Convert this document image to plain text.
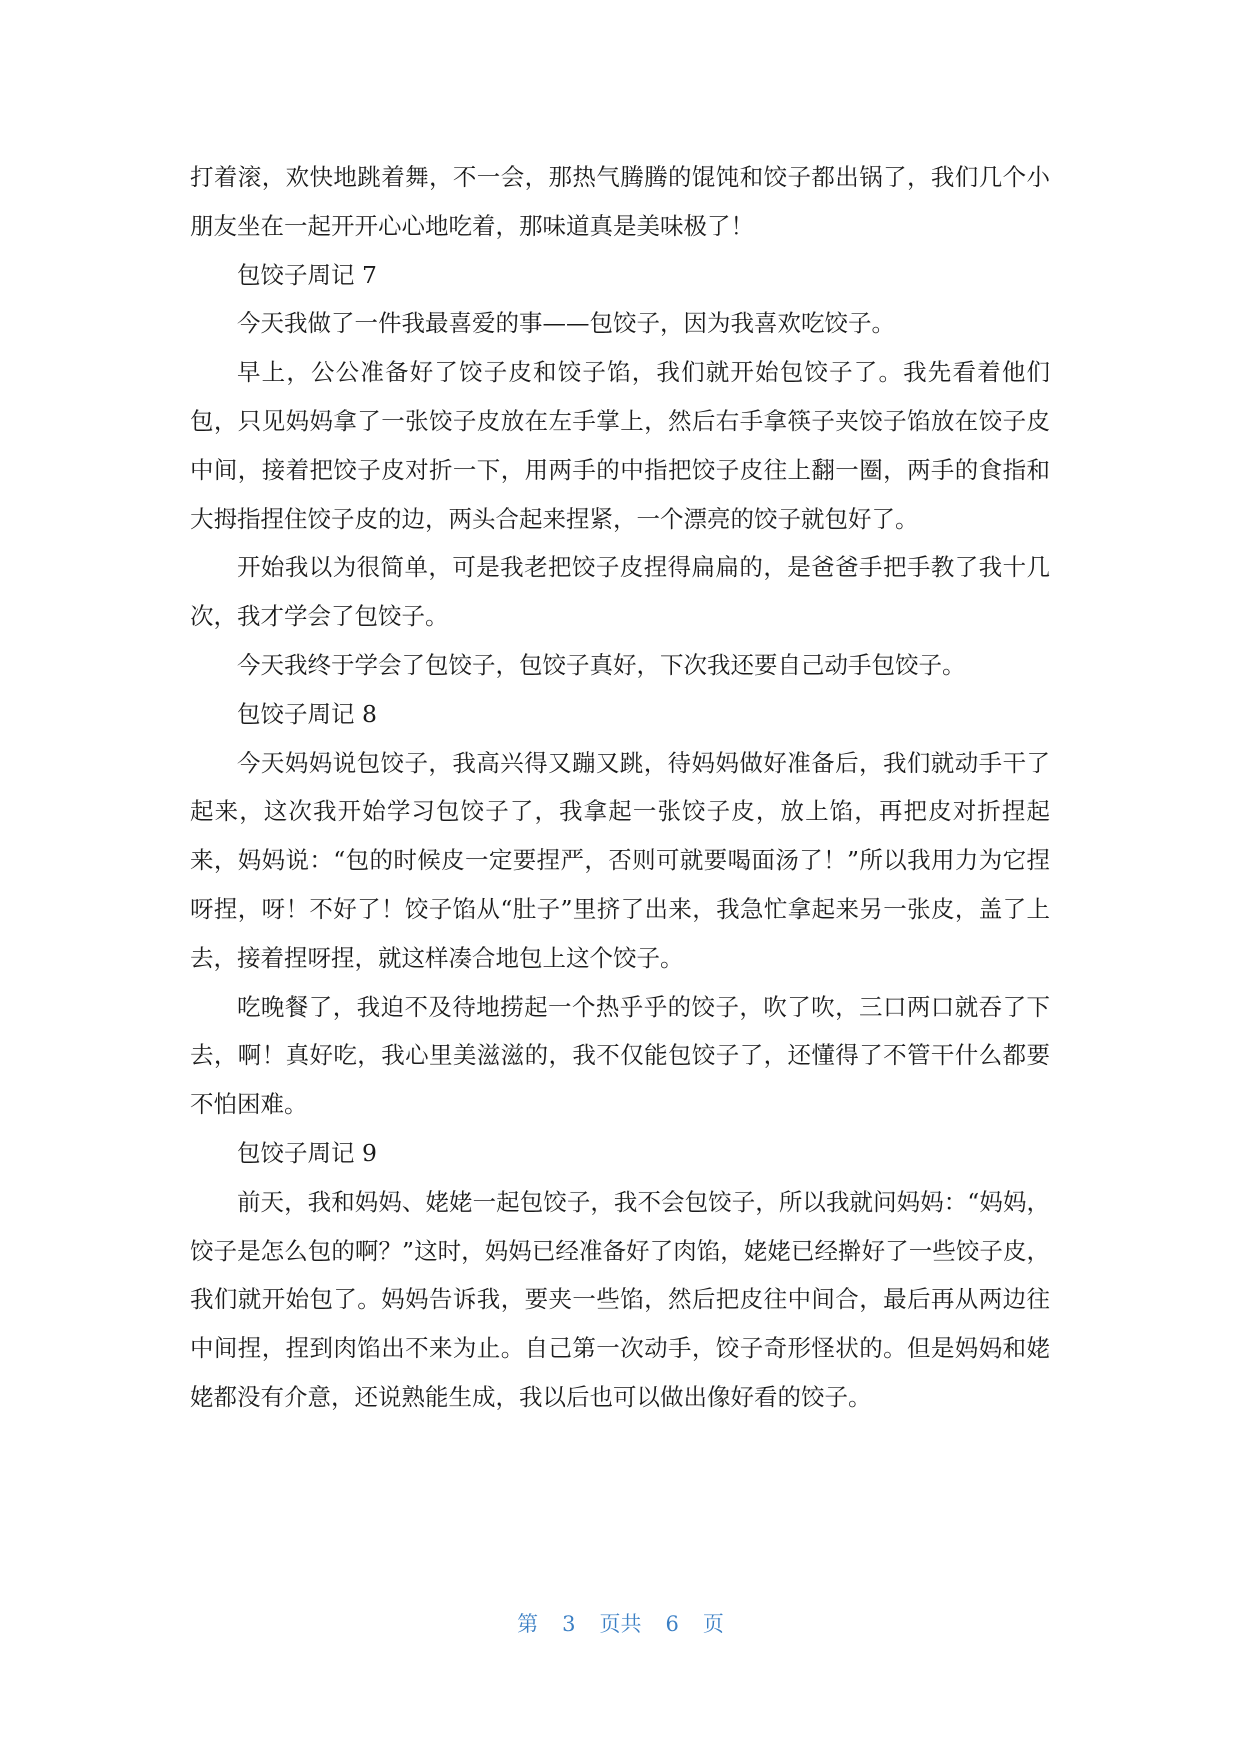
打着滚，欢快地跳着舞，不一会，那热气腾腾的馄饨和饺子都出锅了，我们几个小朋友坐在一起开开心心地吃着，那味道真是美味极了！

包饺子周记 7

今天我做了一件我最喜爱的事——包饺子，因为我喜欢吃饺子。

早上，公公准备好了饺子皮和饺子馅，我们就开始包饺子了。我先看着他们包，只见妈妈拿了一张饺子皮放在左手掌上，然后右手拿筷子夹饺子馅放在饺子皮中间，接着把饺子皮对折一下，用两手的中指把饺子皮往上翻一圈，两手的食指和大拇指捏住饺子皮的边，两头合起来捏紧，一个漂亮的饺子就包好了。

开始我以为很简单，可是我老把饺子皮捏得扁扁的，是爸爸手把手教了我十几次，我才学会了包饺子。

今天我终于学会了包饺子，包饺子真好，下次我还要自己动手包饺子。

包饺子周记 8

今天妈妈说包饺子，我高兴得又蹦又跳，待妈妈做好准备后，我们就动手干了起来，这次我开始学习包饺子了，我拿起一张饺子皮，放上馅，再把皮对折捏起来，妈妈说：“包的时候皮一定要捏严，否则可就要喝面汤了！”所以我用力为它捏呀捏，呀！不好了！饺子馅从“肚子”里挤了出来，我急忙拿起来另一张皮，盖了上去，接着捏呀捏，就这样凑合地包上这个饺子。

吃晚餐了，我迫不及待地捞起一个热乎乎的饺子，吹了吹，三口两口就吞了下去，啊！真好吃，我心里美滋滋的，我不仅能包饺子了，还懂得了不管干什么都要不怕困难。

包饺子周记 9

前天，我和妈妈、姥姥一起包饺子，我不会包饺子，所以我就问妈妈：“妈妈，饺子是怎么包的啊？”这时，妈妈已经准备好了肉馅，姥姥已经擀好了一些饺子皮，我们就开始包了。妈妈告诉我，要夹一些馅，然后把皮往中间合，最后再从两边往中间捏，捏到肉馅出不来为止。自己第一次动手，饺子奇形怪状的。但是妈妈和姥姥都没有介意，还说熟能生成，我以后也可以做出像好看的饺子。

第 3 页共 6 页
